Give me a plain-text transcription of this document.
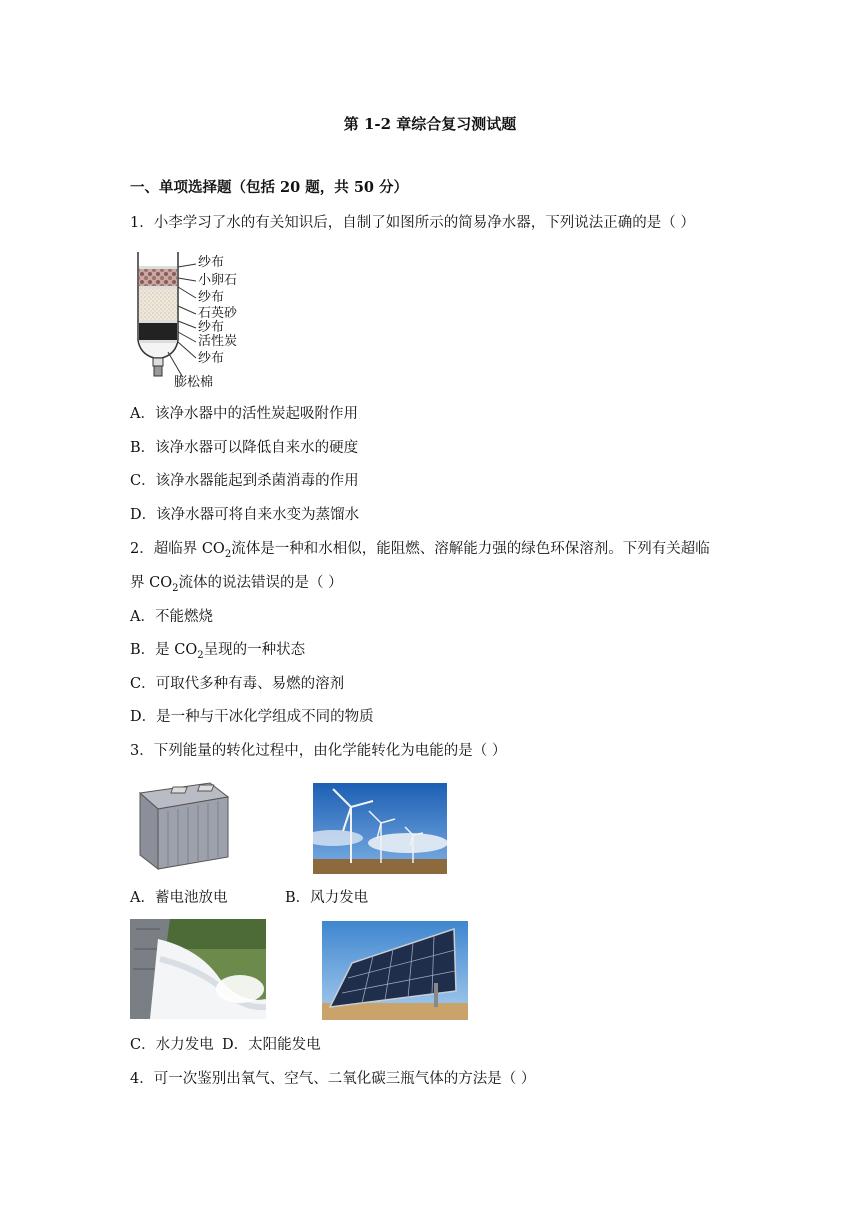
第 1-2 章综合复习测试题
一、单项选择题（包括 20 题，共 50 分）
1．小李学习了水的有关知识后，自制了如图所示的简易净水器，下列说法正确的是（ ）
纱布
小卵石
纱布
石英砂
纱布
活性炭
纱布
膨松棉
A．该净水器中的活性炭起吸附作用
B．该净水器可以降低自来水的硬度
C．该净水器能起到杀菌消毒的作用
D．该净水器可将自来水变为蒸馏水
2．超临界 $CO_2$流体是一种和水相似，能阻燃、溶解能力强的绿色环保溶剂。下列有关超临
界 $CO_2$流体的说法错误的是（ ）
A．不能燃烧
B．是 $CO_2$呈现的一种状态
C．可取代多种有毒、易燃的溶剂
D．是一种与干冰化学组成不同的物质
3．下列能量的转化过程中，由化学能转化为电能的是（ ）
A．蓄电池放电	B．风力发电
C．水力发电 D．太阳能发电
4．可一次鉴别出氧气、空气、二氧化碳三瓶气体的方法是（ ）
